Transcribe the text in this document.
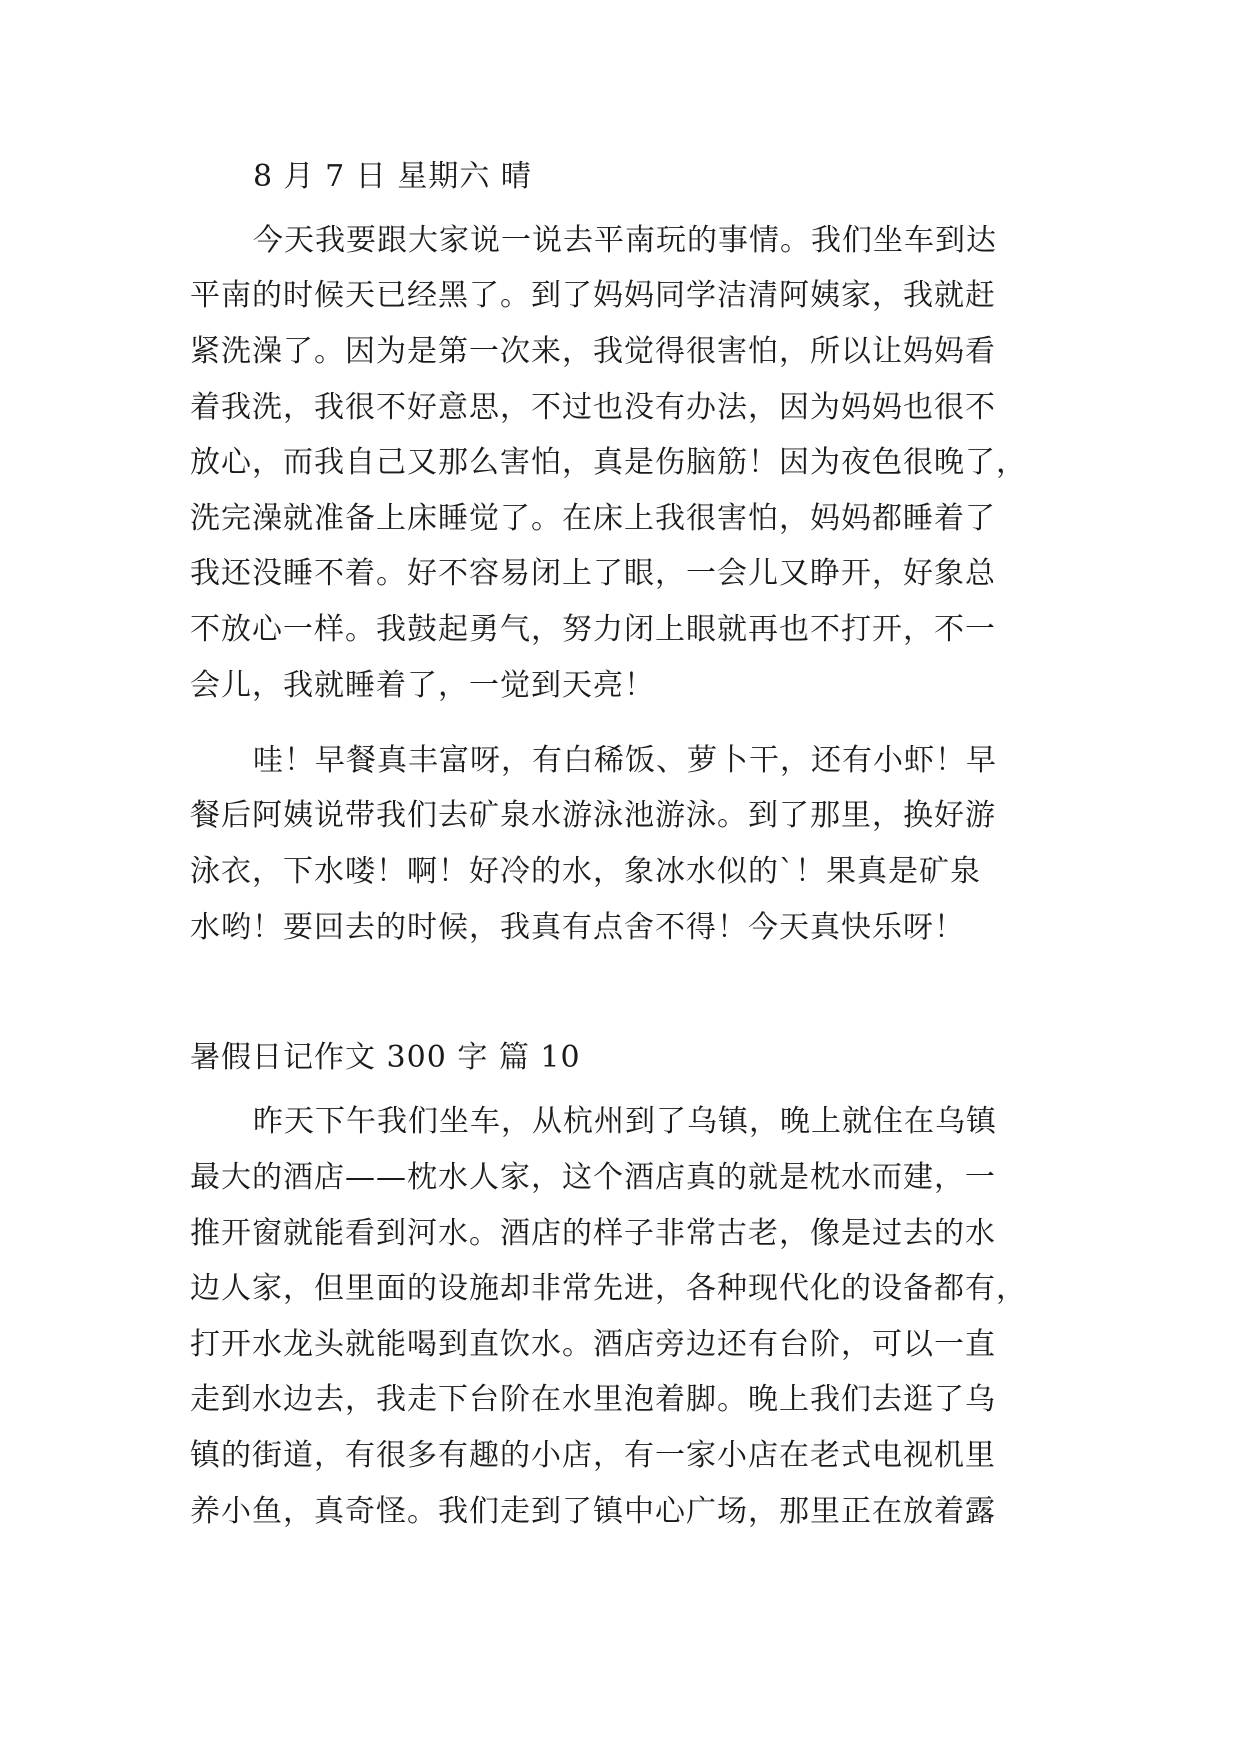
8 月 7 日 星期六 晴
今天我要跟大家说一说去平南玩的事情。我们坐车到达
平南的时候天已经黑了。到了妈妈同学洁清阿姨家，我就赶
紧洗澡了。因为是第一次来，我觉得很害怕，所以让妈妈看
着我洗，我很不好意思，不过也没有办法，因为妈妈也很不
放心，而我自己又那么害怕，真是伤脑筋！因为夜色很晚了，
洗完澡就准备上床睡觉了。在床上我很害怕，妈妈都睡着了
我还没睡不着。好不容易闭上了眼，一会儿又睁开，好象总
不放心一样。我鼓起勇气，努力闭上眼就再也不打开，不一
会儿，我就睡着了，一觉到天亮！
哇！早餐真丰富呀，有白稀饭、萝卜干，还有小虾！早
餐后阿姨说带我们去矿泉水游泳池游泳。到了那里，换好游
泳衣，下水喽！啊！好冷的水，象冰水似的`！果真是矿泉
水哟！要回去的时候，我真有点舍不得！今天真快乐呀！
暑假日记作文 300 字 篇 10
昨天下午我们坐车，从杭州到了乌镇，晚上就住在乌镇
最大的酒店——枕水人家，这个酒店真的就是枕水而建，一
推开窗就能看到河水。酒店的样子非常古老，像是过去的水
边人家，但里面的设施却非常先进，各种现代化的设备都有，
打开水龙头就能喝到直饮水。酒店旁边还有台阶，可以一直
走到水边去，我走下台阶在水里泡着脚。晚上我们去逛了乌
镇的街道，有很多有趣的小店，有一家小店在老式电视机里
养小鱼，真奇怪。我们走到了镇中心广场，那里正在放着露
